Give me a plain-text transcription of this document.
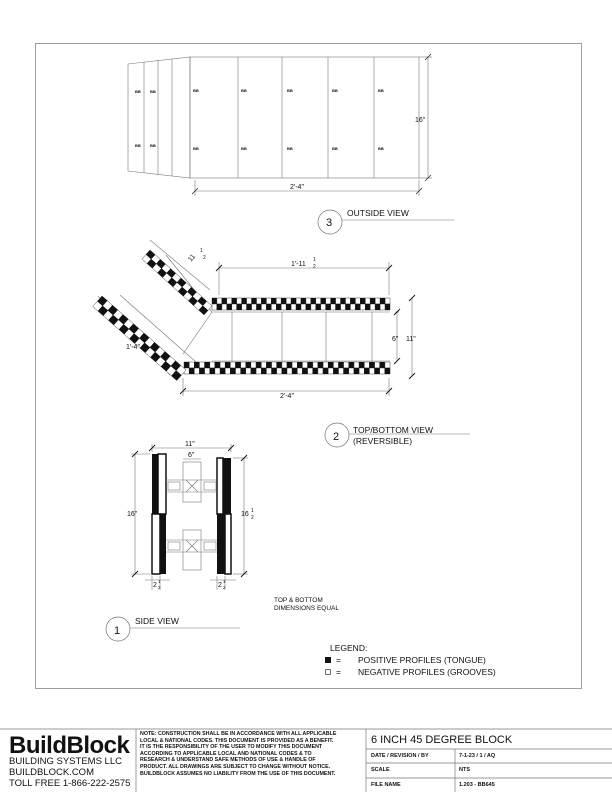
BB BB	BB	BB	BB	BB	BB
BB BB
BB	BB	BB	BB	BB
16"
2'-4"
3
OUTSIDE VIEW
1'-11
1
2
11
1
2
1'-4"
6" 11"
2'-4"
2
TOP/BOTTOM VIEW
(REVERSIBLE)
11"
6"
16"	16 1
2
2
1
2	2
1
2
TOP & BOTTOM
DIMENSIONS EQUAL
1
SIDE VIEW
LEGEND:
= POSITIVE PROFILES (TONGUE)
= NEGATIVE PROFILES (GROOVES)
BuildBlock
BUILDING SYSTEMS LLC
BUILDBLOCK.COM
TOLL FREE 1-866-222-2575
NOTE: CONSTRUCTION SHALL BE IN ACCORDANCE WITH ALL APPLICABLE
LOCAL & NATIONAL CODES. THIS DOCUMENT IS PROVIDED AS A BENEFIT.
IT IS THE RESPONSIBILITY OF THE USER TO MODIFY THIS DOCUMENT
ACCORDING TO APPLICABLE LOCAL AND NATIONAL CODES & TO
RESEARCH & UNDERSTAND SAFE METHODS OF USE & HANDLE OF
PRODUCT. ALL DRAWINGS ARE SUBJECT TO CHANGE WITHOUT NOTICE.
BUILDBLOCK ASSUMES NO LIABILITY FROM THE USE OF THIS DOCUMENT.
6 INCH 45 DEGREE BLOCK
DATE / REVISION / BY	7-1-23 / 1 / AQ
SCALE	NTS
FILE NAME	1.203 - BB645
